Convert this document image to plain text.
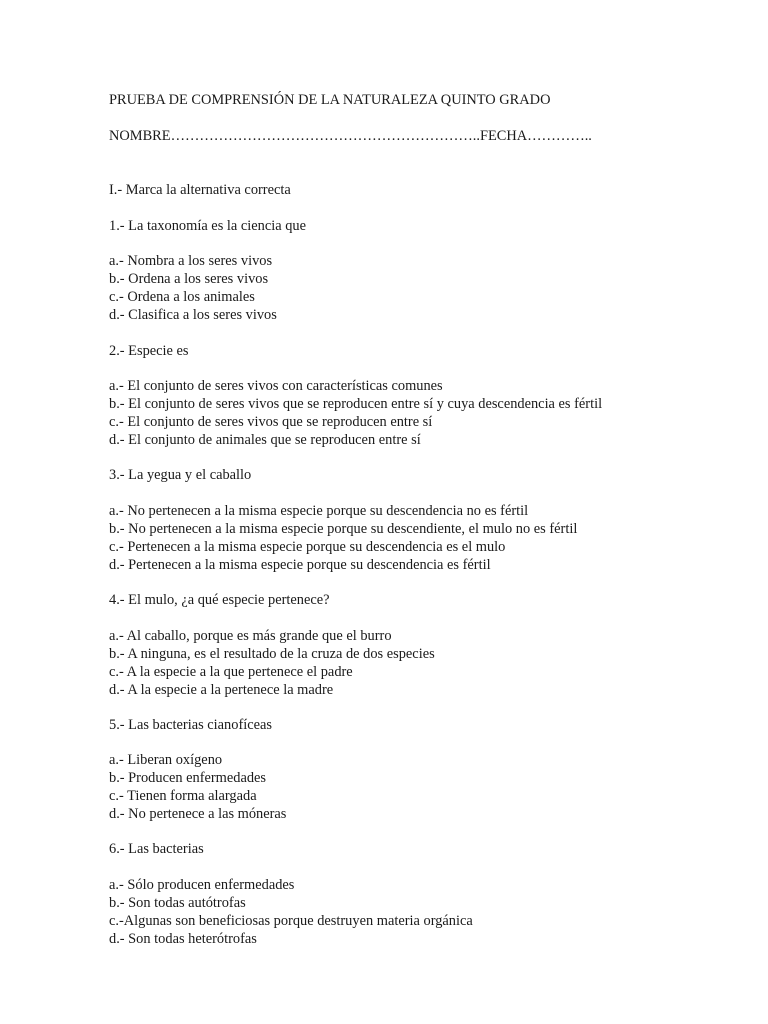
PRUEBA DE COMPRENSIÓN DE LA NATURALEZA QUINTO GRADO
NOMBRE………………………………………………………..FECHA…………..
I.- Marca la alternativa correcta
1.- La taxonomía es la ciencia que
a.- Nombra a los seres vivos
b.- Ordena a los seres vivos
c.- Ordena a los animales
d.- Clasifica a los seres vivos
2.- Especie es
a.- El conjunto de seres vivos con características comunes
b.- El conjunto de seres vivos que se reproducen entre sí y cuya descendencia es fértil
c.- El conjunto de seres vivos que se reproducen entre sí
d.- El conjunto de animales que se reproducen entre sí
3.- La yegua y el caballo
a.- No pertenecen a la misma especie porque su descendencia no es fértil
b.- No pertenecen a la misma especie porque su descendiente, el mulo no es fértil
c.- Pertenecen a la misma especie porque su descendencia es el mulo
d.- Pertenecen a la misma especie porque su descendencia es fértil
4.- El mulo, ¿a qué especie pertenece?
a.- Al caballo, porque es más grande que el burro
b.- A ninguna, es el resultado de la cruza de dos especies
c.- A la especie a la que pertenece el padre
d.- A la especie a la pertenece la madre
5.- Las bacterias cianofíceas
a.- Liberan oxígeno
b.- Producen enfermedades
c.- Tienen forma alargada
d.- No pertenece a las móneras
6.- Las bacterias
a.- Sólo producen enfermedades
b.- Son todas autótrofas
c.-Algunas son beneficiosas porque destruyen materia orgánica
d.- Son todas heterótrofas
